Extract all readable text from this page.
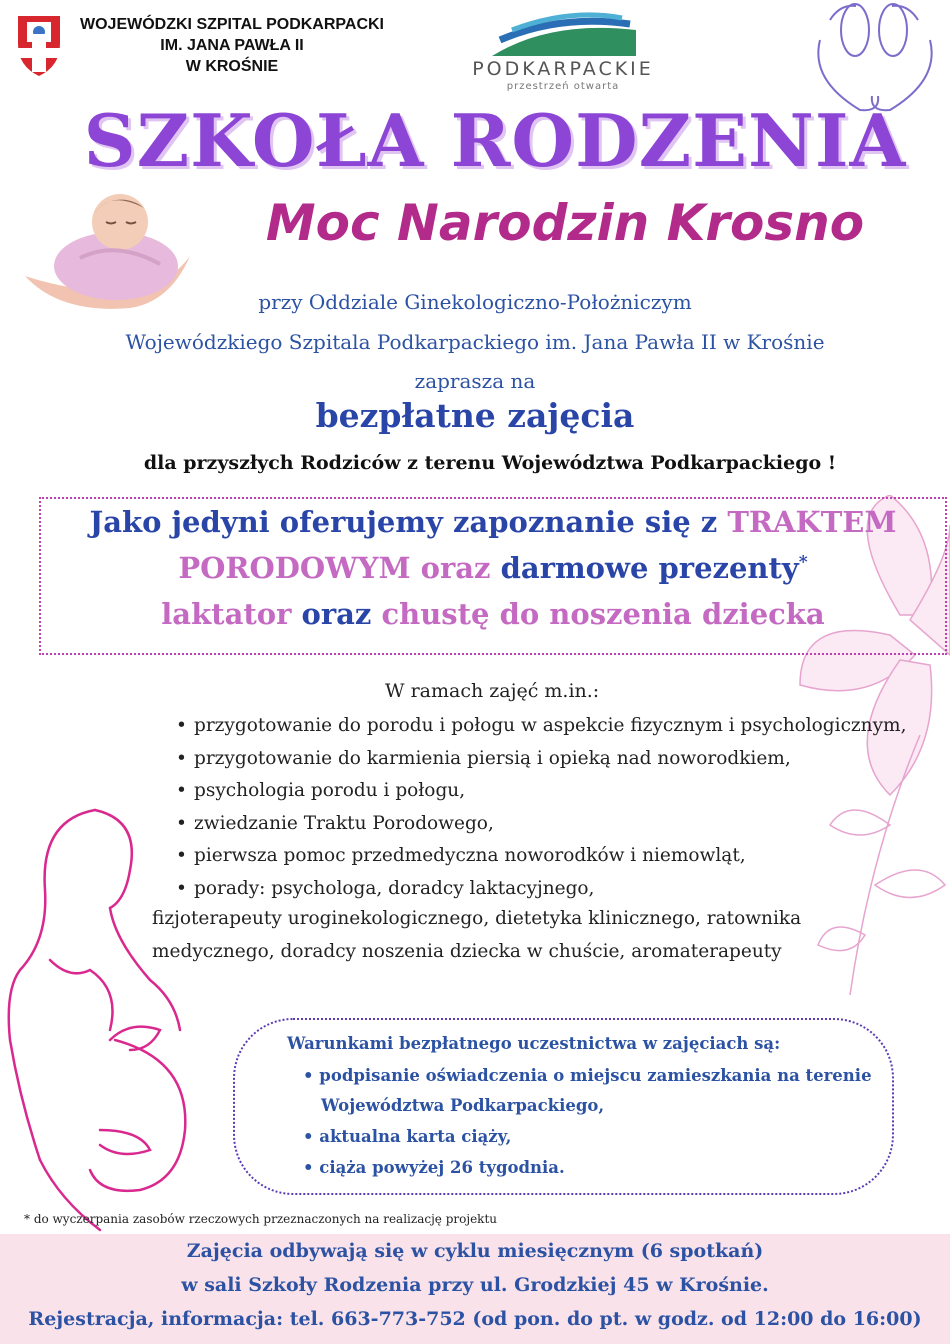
WOJEWÓDZKI SZPITAL PODKARPACKI
IM. JANA PAWŁA II
W KROŚNIE	PODKARPACKIE
przestrzeń otwarta
SZKOŁA RODZENIA
Moc Narodzin Krosno
przy Oddziale Ginekologiczno-Położniczym
Wojewódzkiego Szpitala Podkarpackiego im. Jana Pawła II w Krośnie
zaprasza na
bezpłatne zajęcia
dla przyszłych Rodziców z terenu Województwa Podkarpackiego !
Jako jedyni oferujemy zapoznanie się z TRAKTEM
PORODOWYM oraz darmowe prezenty*
laktator oraz chustę do noszenia dziecka
W ramach zajęć m.in.:
• przygotowanie do porodu i połogu w aspekcie fizycznym i psychologicznym,
• przygotowanie do karmienia piersią i opieką nad noworodkiem,
• psychologia porodu i połogu,
• zwiedzanie Traktu Porodowego,
• pierwsza pomoc przedmedyczna noworodków i niemowląt,
• porady: psychologa, doradcy laktacyjnego,
fizjoterapeuty uroginekologicznego, dietetyka klinicznego, ratownika
medycznego, doradcy noszenia dziecka w chuście, aromaterapeuty
Warunkami bezpłatnego uczestnictwa w zajęciach są:
• podpisanie oświadczenia o miejscu zamieszkania na terenie
Województwa Podkarpackiego,
• aktualna karta ciąży,
• ciąża powyżej 26 tygodnia.
* do wyczerpania zasobów rzeczowych przeznaczonych na realizację projektu
Zajęcia odbywają się w cyklu miesięcznym (6 spotkań)
w sali Szkoły Rodzenia przy ul. Grodzkiej 45 w Krośnie.
Rejestracja, informacja: tel. 663-773-752 (od pon. do pt. w godz. od 12:00 do 16:00)
